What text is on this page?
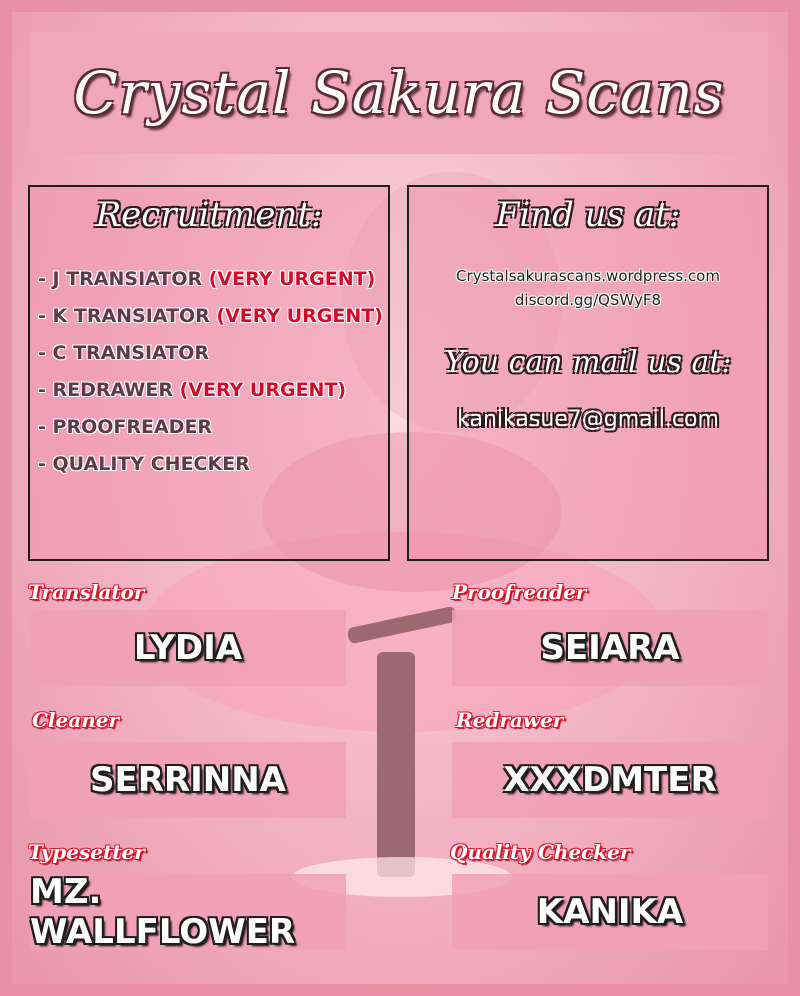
Crystal Sakura Scans
Recruitment:
- J TRANSIATOR (VERY URGENT)
- K TRANSIATOR (VERY URGENT)
- C TRANSIATOR
- REDRAWER (VERY URGENT)
- PROOFREADER
- QUALITY CHECKER
Find us at:
Crystalsakurascans.wordpress.com
discord.gg/QSWyF8
You can mail us at:
kanikasue7@gmail.com
Translator
LYDIA
Proofreader
SEIARA
Cleaner
SERRINNA
Redrawer
XXXDMTER
Typesetter
MZ. WALLFLOWER
Quality Checker
KANIKA
